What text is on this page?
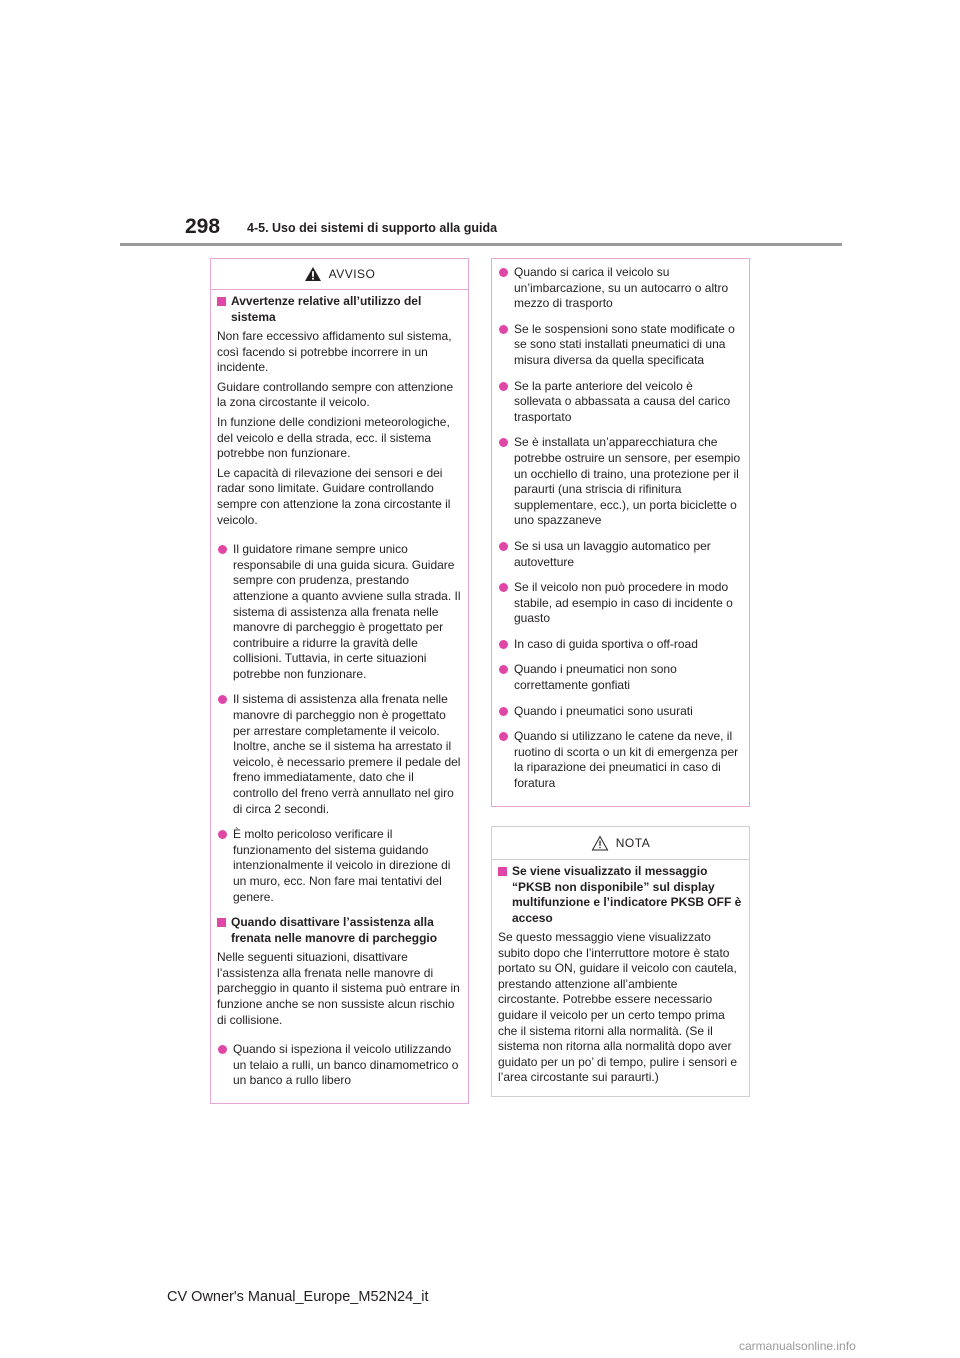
298 4-5. Uso dei sistemi di supporto alla guida
AVVISO
Avvertenze relative all’utilizzo del sistema

Non fare eccessivo affidamento sul sistema, così facendo si potrebbe incorrere in un incidente.

Guidare controllando sempre con attenzione la zona circostante il veicolo.

In funzione delle condizioni meteorologiche, del veicolo e della strada, ecc. il sistema potrebbe non funzionare.

Le capacità di rilevazione dei sensori e dei radar sono limitate. Guidare controllando sempre con attenzione la zona circostante il veicolo.

Il guidatore rimane sempre unico responsabile di una guida sicura. Guidare sempre con prudenza, prestando attenzione a quanto avviene sulla strada. Il sistema di assistenza alla frenata nelle manovre di parcheggio è progettato per contribuire a ridurre la gravità delle collisioni. Tuttavia, in certe situazioni potrebbe non funzionare.
Il sistema di assistenza alla frenata nelle manovre di parcheggio non è progettato per arrestare completamente il veicolo. Inoltre, anche se il sistema ha arrestato il veicolo, è necessario premere il pedale del freno immediatamente, dato che il controllo del freno verrà annullato nel giro di circa 2 secondi.
È molto pericoloso verificare il funzionamento del sistema guidando intenzionalmente il veicolo in direzione di un muro, ecc. Non fare mai tentativi del genere.
Quando disattivare l’assistenza alla frenata nelle manovre di parcheggio

Nelle seguenti situazioni, disattivare l’assistenza alla frenata nelle manovre di parcheggio in quanto il sistema può entrare in funzione anche se non sussiste alcun rischio di collisione.

Quando si ispeziona il veicolo utilizzando un telaio a rulli, un banco dinamometrico o un banco a rullo libero
Quando si carica il veicolo su un’imbarcazione, su un autocarro o altro mezzo di trasporto
Se le sospensioni sono state modificate o se sono stati installati pneumatici di una misura diversa da quella specificata
Se la parte anteriore del veicolo è sollevata o abbassata a causa del carico trasportato
Se è installata un’apparecchiatura che potrebbe ostruire un sensore, per esempio un occhiello di traino, una protezione per il paraurti (una striscia di rifinitura supplementare, ecc.), un porta biciclette o uno spazzaneve
Se si usa un lavaggio automatico per autovetture
Se il veicolo non può procedere in modo stabile, ad esempio in caso di incidente o guasto
In caso di guida sportiva o off-road
Quando i pneumatici non sono correttamente gonfiati
Quando i pneumatici sono usurati
Quando si utilizzano le catene da neve, il ruotino di scorta o un kit di emergenza per la riparazione dei pneumatici in caso di foratura
NOTA
Se viene visualizzato il messaggio “PKSB non disponibile” sul display multifunzione e l’indicatore PKSB OFF è acceso

Se questo messaggio viene visualizzato subito dopo che l’interruttore motore è stato portato su ON, guidare il veicolo con cautela, prestando attenzione all’ambiente circostante. Potrebbe essere necessario guidare il veicolo per un certo tempo prima che il sistema ritorni alla normalità. (Se il sistema non ritorna alla normalità dopo aver guidato per un po’ di tempo, pulire i sensori e l’area circostante sui paraurti.)

CV Owner's Manual_Europe_M52N24_it
carmanualsonline.info
